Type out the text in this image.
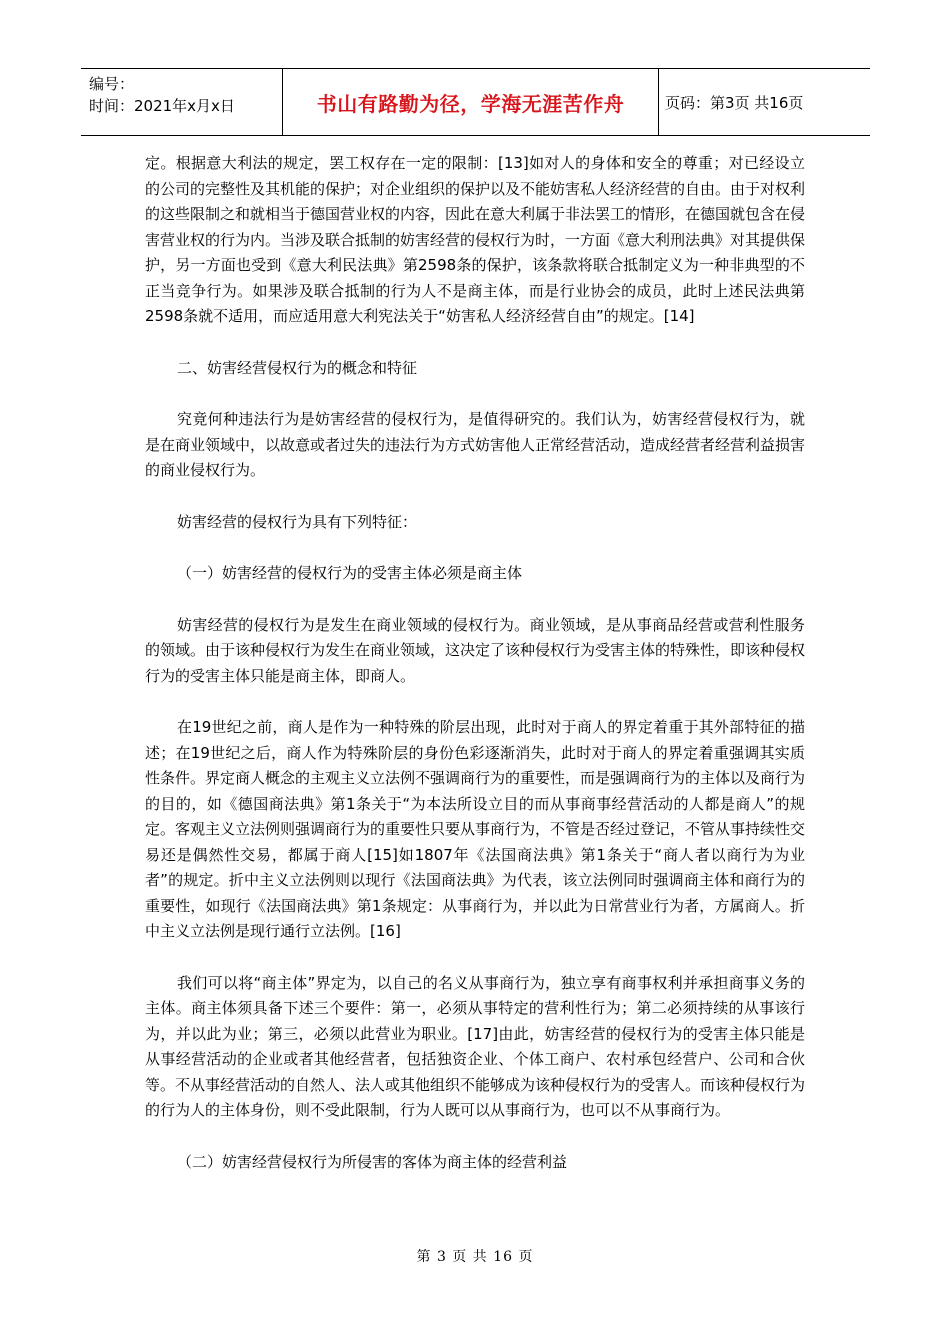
编号：
时间：2021年x月x日	书山有路勤为径，学海无涯苦作舟	页码：第3页 共16页

定。根据意大利法的规定，罢工权存在一定的限制：[13]如对人的身体和安全的尊重；对已经设立的公司的完整性及其机能的保护；对企业组织的保护以及不能妨害私人经济经营的自由。由于对权利的这些限制之和就相当于德国营业权的内容，因此在意大利属于非法罢工的情形，在德国就包含在侵害营业权的行为内。当涉及联合抵制的妨害经营的侵权行为时，一方面《意大利刑法典》对其提供保护，另一方面也受到《意大利民法典》第2598条的保护，该条款将联合抵制定义为一种非典型的不正当竞争行为。如果涉及联合抵制的行为人不是商主体，而是行业协会的成员，此时上述民法典第2598条就不适用，而应适用意大利宪法关于“妨害私人经济经营自由”的规定。[14]

二、妨害经营侵权行为的概念和特征

究竟何种违法行为是妨害经营的侵权行为，是值得研究的。我们认为，妨害经营侵权行为，就是在商业领域中，以故意或者过失的违法行为方式妨害他人正常经营活动，造成经营者经营利益损害的商业侵权行为。

妨害经营的侵权行为具有下列特征：

（一）妨害经营的侵权行为的受害主体必须是商主体

妨害经营的侵权行为是发生在商业领域的侵权行为。商业领域，是从事商品经营或营利性服务的领域。由于该种侵权行为发生在商业领域，这决定了该种侵权行为受害主体的特殊性，即该种侵权行为的受害主体只能是商主体，即商人。

在19世纪之前，商人是作为一种特殊的阶层出现，此时对于商人的界定着重于其外部特征的描述；在19世纪之后，商人作为特殊阶层的身份色彩逐渐消失，此时对于商人的界定着重强调其实质性条件。界定商人概念的主观主义立法例不强调商行为的重要性，而是强调商行为的主体以及商行为的目的，如《德国商法典》第1条关于“为本法所设立目的而从事商事经营活动的人都是商人”的规定。客观主义立法例则强调商行为的重要性只要从事商行为，不管是否经过登记，不管从事持续性交易还是偶然性交易，都属于商人[15]如1807年《法国商法典》第1条关于“商人者以商行为为业者”的规定。折中主义立法例则以现行《法国商法典》为代表，该立法例同时强调商主体和商行为的重要性，如现行《法国商法典》第1条规定：从事商行为，并以此为日常营业行为者，方属商人。折中主义立法例是现行通行立法例。[16]

我们可以将“商主体”界定为，以自己的名义从事商行为，独立享有商事权利并承担商事义务的主体。商主体须具备下述三个要件：第一，必须从事特定的营利性行为；第二必须持续的从事该行为，并以此为业；第三，必须以此营业为职业。[17]由此，妨害经营的侵权行为的受害主体只能是从事经营活动的企业或者其他经营者，包括独资企业、个体工商户、农村承包经营户、公司和合伙等。不从事经营活动的自然人、法人或其他组织不能够成为该种侵权行为的受害人。而该种侵权行为的行为人的主体身份，则不受此限制，行为人既可以从事商行为，也可以不从事商行为。

（二）妨害经营侵权行为所侵害的客体为商主体的经营利益

第 3 页 共 16 页
